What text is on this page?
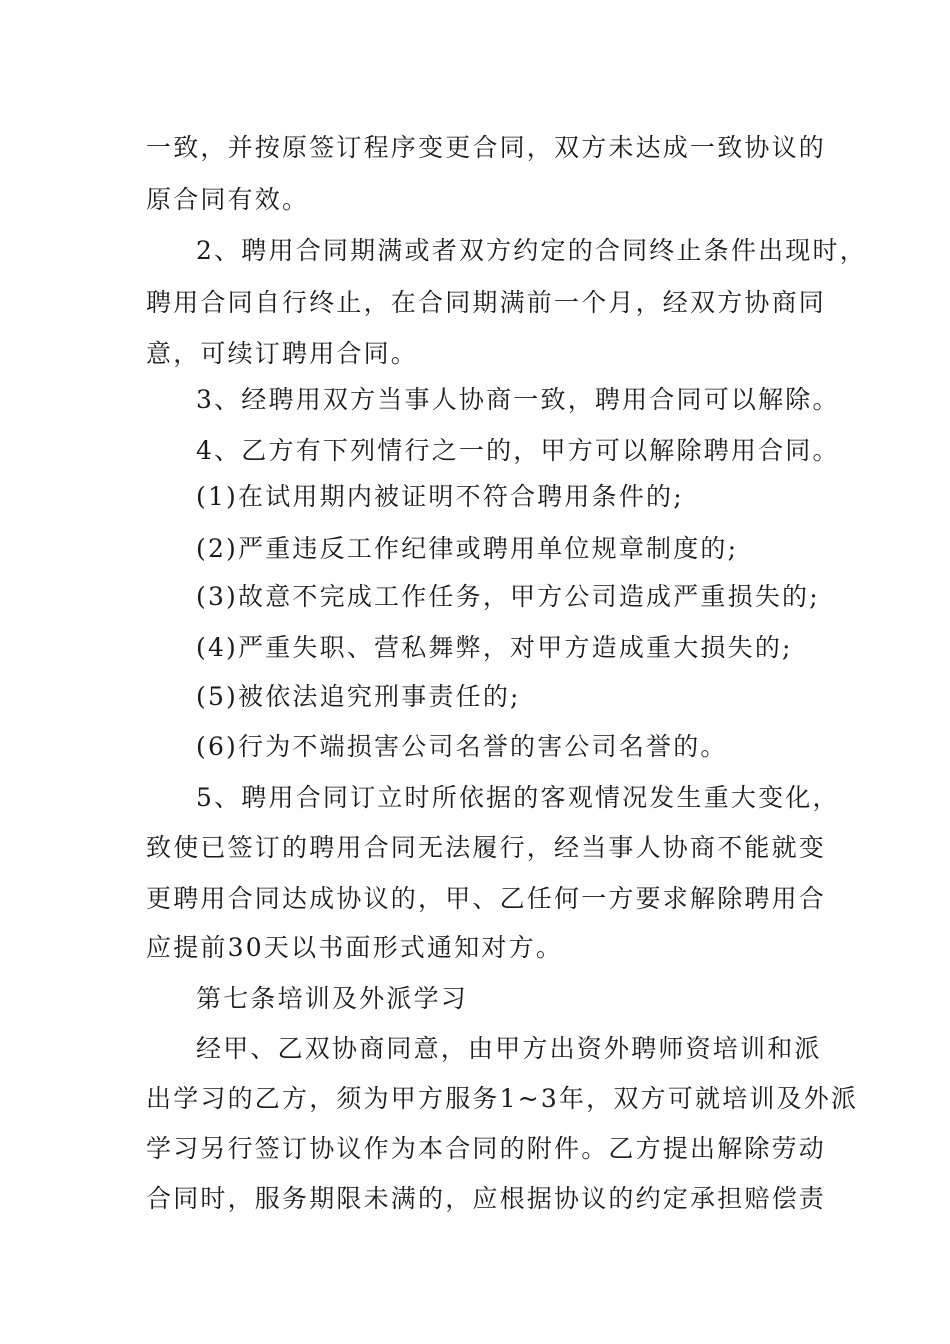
一致，并按原签订程序变更合同，双方未达成一致协议的
原合同有效。
2、聘用合同期满或者双方约定的合同终止条件出现时，
聘用合同自行终止，在合同期满前一个月，经双方协商同
意，可续订聘用合同。
3、经聘用双方当事人协商一致，聘用合同可以解除。
4、乙方有下列情行之一的，甲方可以解除聘用合同。
(1)在试用期内被证明不符合聘用条件的;
(2)严重违反工作纪律或聘用单位规章制度的;
(3)故意不完成工作任务，甲方公司造成严重损失的;
(4)严重失职、营私舞弊，对甲方造成重大损失的;
(5)被依法追究刑事责任的;
(6)行为不端损害公司名誉的害公司名誉的。
5、聘用合同订立时所依据的客观情况发生重大变化，
致使已签订的聘用合同无法履行，经当事人协商不能就变
更聘用合同达成协议的，甲、乙任何一方要求解除聘用合
应提前30天以书面形式通知对方。
第七条培训及外派学习
经甲、乙双协商同意，由甲方出资外聘师资培训和派
出学习的乙方，须为甲方服务1~3年，双方可就培训及外派
学习另行签订协议作为本合同的附件。乙方提出解除劳动
合同时，服务期限未满的，应根据协议的约定承担赔偿责
